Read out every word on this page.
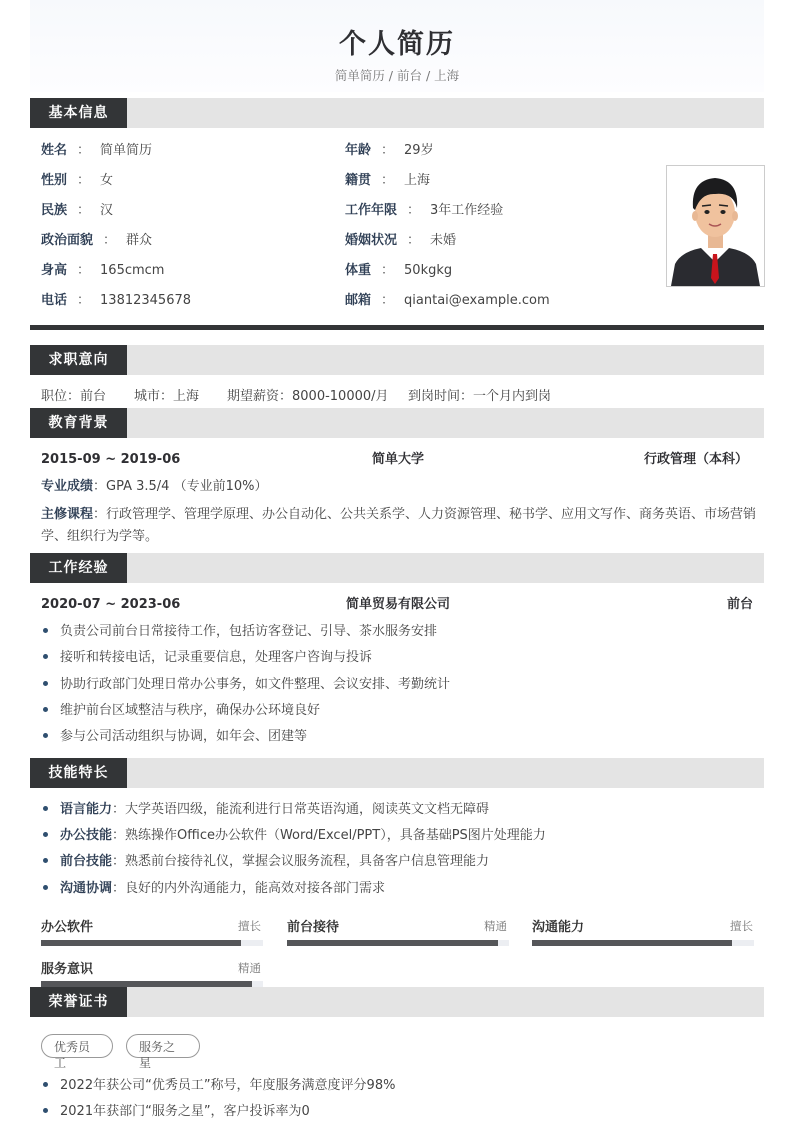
个人简历
简单简历 / 前台 / 上海
基本信息
姓名 ： 简单简历
性别 ： 女
民族 ： 汉
政治面貌 ： 群众
身高 ： 165cmcm
电话 ： 13812345678
年龄 ： 29岁
籍贯 ： 上海
工作年限 ： 3年工作经验
婚姻状况 ： 未婚
体重 ： 50kgkg
邮箱 ： qiantai@example.com
求职意向
职位：前台 城市：上海 期望薪资：8000-10000/月 到岗时间：一个月内到岗
教育背景
2015-09 ~ 2019-06	简单大学	行政管理（本科）
专业成绩：GPA 3.5/4 （专业前10%）
主修课程：行政管理学、管理学原理、办公自动化、公共关系学、人力资源管理、秘书学、应用文写作、商务英语、市场营销
学、组织行为学等。
工作经验
2020-07 ~ 2023-06	简单贸易有限公司	前台
负责公司前台日常接待工作，包括访客登记、引导、茶水服务安排
接听和转接电话，记录重要信息，处理客户咨询与投诉
协助行政部门处理日常办公事务，如文件整理、会议安排、考勤统计
维护前台区域整洁与秩序，确保办公环境良好
参与公司活动组织与协调，如年会、团建等
技能特长
语言能力：大学英语四级，能流利进行日常英语沟通，阅读英文文档无障碍
办公技能：熟练操作Office办公软件（Word/Excel/PPT），具备基础PS图片处理能力
前台技能：熟悉前台接待礼仪，掌握会议服务流程，具备客户信息管理能力
沟通协调：良好的内外沟通能力，能高效对接各部门需求
办公软件	擅长 前台接待	精通 沟通能力	擅长
服务意识	精通
荣誉证书
优秀员
工
服务之
星
2022年获公司“优秀员工”称号，年度服务满意度评分98%
2021年获部门“服务之星”，客户投诉率为0
